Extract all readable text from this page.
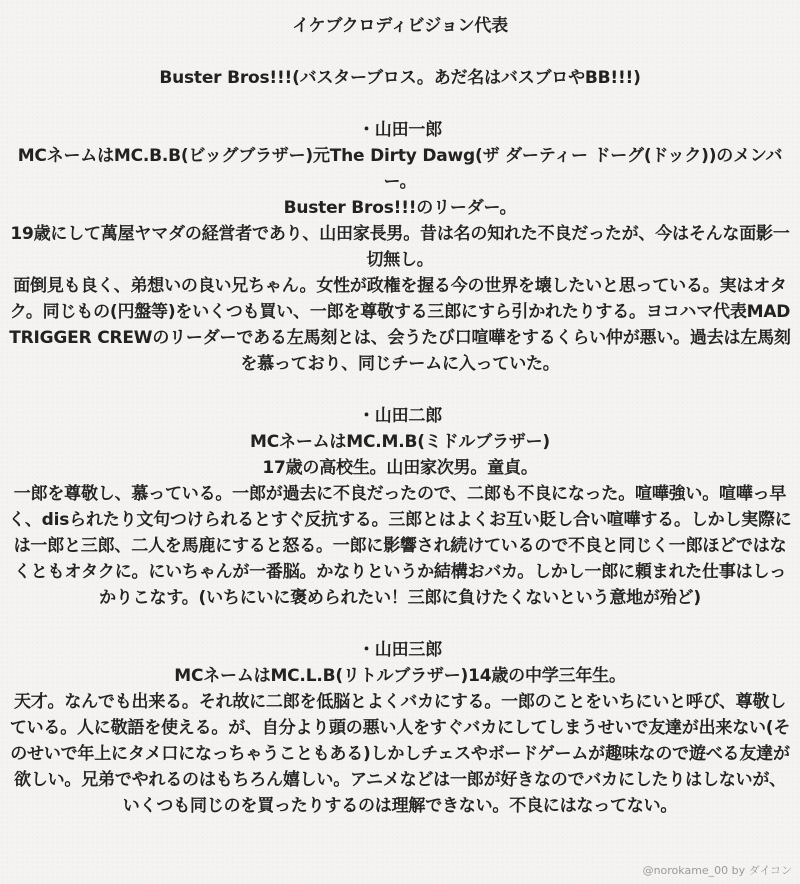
イケブクロディビジョン代表
Buster Bros!!!(バスターブロス。あだ名はバスブロやBB!!!)
・山田一郎
MCネームはMC.B.B(ビッグブラザー)元The Dirty Dawg(ザ ダーティー ドーグ(ドック))のメンバー。
Buster Bros!!!のリーダー。
19歳にして萬屋ヤマダの経営者であり、山田家長男。昔は名の知れた不良だったが、今はそんな面影一切無し。
面倒見も良く、弟想いの良い兄ちゃん。女性が政権を握る今の世界を壊したいと思っている。実はオタク。同じもの(円盤等)をいくつも買い、一郎を尊敬する三郎にすら引かれたりする。ヨコハマ代表MAD TRIGGER CREWのリーダーである左馬刻とは、会うたび口喧嘩をするくらい仲が悪い。過去は左馬刻を慕っており、同じチームに入っていた。
・山田二郎
MCネームはMC.M.B(ミドルブラザー)
17歳の高校生。山田家次男。童貞。
一郎を尊敬し、慕っている。一郎が過去に不良だったので、二郎も不良になった。喧嘩強い。喧嘩っ早く、disられたり文句つけられるとすぐ反抗する。三郎とはよくお互い貶し合い喧嘩する。しかし実際には一郎と三郎、二人を馬鹿にすると怒る。一郎に影響され続けているので不良と同じく一郎ほどではなくともオタクに。にいちゃんが一番脳。かなりというか結構おバカ。しかし一郎に頼まれた仕事はしっかりこなす。(いちにいに褒められたい！三郎に負けたくないという意地が殆ど)
・山田三郎
MCネームはMC.L.B(リトルブラザー)14歳の中学三年生。
天才。なんでも出来る。それ故に二郎を低脳とよくバカにする。一郎のことをいちにいと呼び、尊敬している。人に敬語を使える。が、自分より頭の悪い人をすぐバカにしてしまうせいで友達が出来ない(そのせいで年上にタメ口になっちゃうこともある)しかしチェスやボードゲームが趣味なので遊べる友達が欲しい。兄弟でやれるのはもちろん嬉しい。アニメなどは一郎が好きなのでバカにしたりはしないが、いくつも同じのを買ったりするのは理解できない。不良にはなってない。
@norokame_00 by ダイコン
